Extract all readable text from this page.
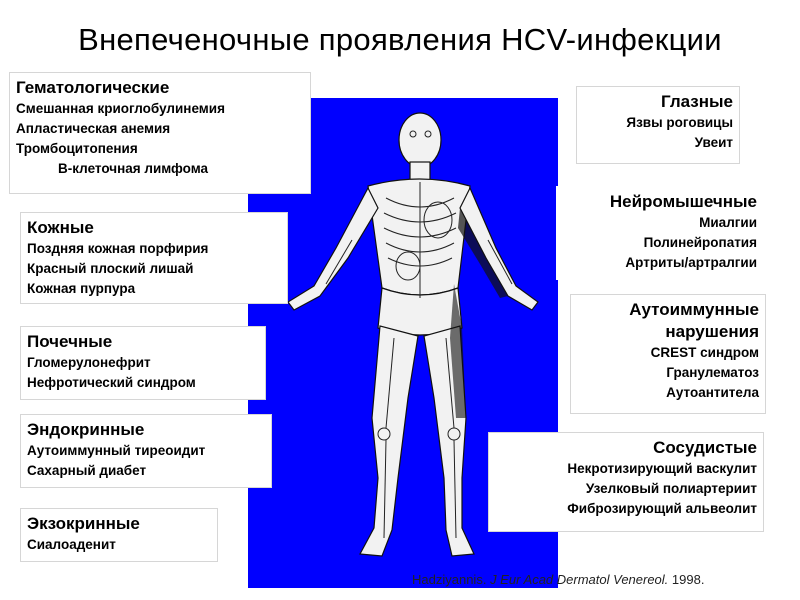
Внепеченочные проявления HCV-инфекции
Гематологические
Смешанная криоглобулинемия
Апластическая анемия
Тромбоцитопения
B-клеточная лимфома
Кожные
Поздняя кожная порфирия
Красный плоский лишай
Кожная пурпура
Почечные
Гломерулонефрит
Нефротический синдром
Эндокринные
Аутоиммунный тиреоидит
Сахарный диабет
Экзокринные
Сиалоаденит
Глазные
Язвы роговицы
Увеит
Нейромышечные
Миалгии
Полинейропатия
Артриты/артралгии
Аутоиммунные
нарушения
CREST синдром
Гранулематоз
Аутоантитела
Сосудистые
Некротизирующий васкулит
Узелковый полиартериит
Фиброзирующий альвеолит
Hadziyannis. J Eur Acad Dermatol Venereol. 1998.
